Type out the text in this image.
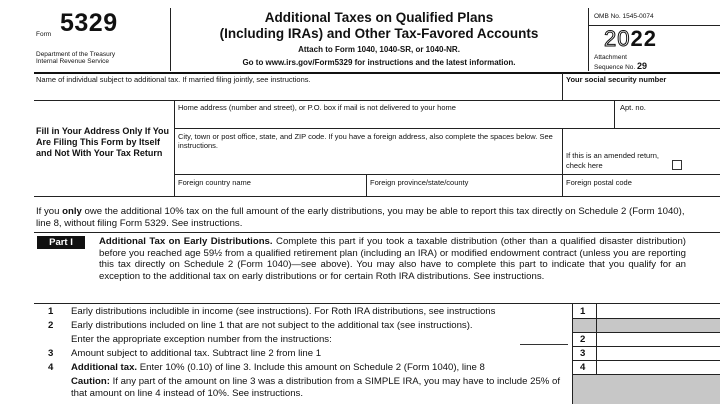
Form 5329
Department of the Treasury
Internal Revenue Service
Additional Taxes on Qualified Plans
(Including IRAs) and Other Tax-Favored Accounts
Attach to Form 1040, 1040-SR, or 1040-NR.
Go to www.irs.gov/Form5329 for instructions and the latest information.
OMB No. 1545-0074
2022
Attachment
Sequence No. 29
Name of individual subject to additional tax. If married filing jointly, see instructions.	Your social security number
Fill in Your Address Only If You Are Filing This Form by Itself and Not With Your Tax Return
Home address (number and street), or P.O. box if mail is not delivered to your home	Apt. no.
City, town or post office, state, and ZIP code. If you have a foreign address, also complete the spaces below. See instructions.
If this is an amended return, check here
Foreign country name	Foreign province/state/county	Foreign postal code
If you only owe the additional 10% tax on the full amount of the early distributions, you may be able to report this tax directly on Schedule 2 (Form 1040), line 8, without filing Form 5329. See instructions.
Part I	Additional Tax on Early Distributions. Complete this part if you took a taxable distribution (other than a qualified disaster distribution) before you reached age 59½ from a qualified retirement plan (including an IRA) or modified endowment contract (unless you are reporting this tax directly on Schedule 2 (Form 1040)—see above). You may also have to complete this part to indicate that you qualify for an exception to the additional tax on early distributions or for certain Roth IRA distributions. See instructions.
1 Early distributions includible in income (see instructions). For Roth IRA distributions, see instructions	1
2 Early distributions included on line 1 that are not subject to the additional tax (see instructions).
Enter the appropriate exception number from the instructions:	2
3 Amount subject to additional tax. Subtract line 2 from line 1	3
4 Additional tax. Enter 10% (0.10) of line 3. Include this amount on Schedule 2 (Form 1040), line 8	4
Caution: If any part of the amount on line 3 was a distribution from a SIMPLE IRA, you may have to include 25% of that amount on line 4 instead of 10%. See instructions.
